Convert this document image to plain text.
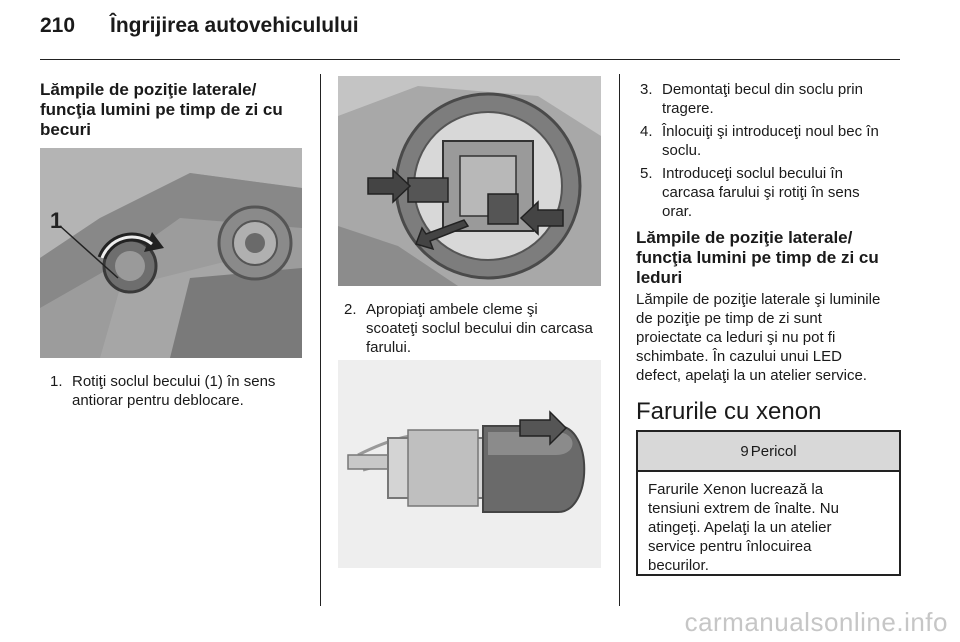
210	Îngrijirea autovehiculului
Lămpile de poziţie laterale/
funcţia lumini pe timp de zi cu
becuri
1
1. Rotiţi soclul becului (1) în sens
antiorar pentru deblocare.
2. Apropiaţi ambele cleme şi
scoateţi soclul becului din carcasa
farului.
3. Demontaţi becul din soclu prin
tragere.
4. Înlocuiţi şi introduceţi noul bec în
soclu.
5. Introduceţi soclul becului în
carcasa farului şi rotiţi în sens
orar.
Lămpile de poziţie laterale/
funcţia lumini pe timp de zi cu
leduri
Lămpile de poziţie laterale şi luminile
de poziţie pe timp de zi sunt
proiectate ca leduri şi nu pot fi
schimbate. În cazului unui LED
defect, apelaţi la un atelier service.
Farurile cu xenon
9 Pericol
Farurile Xenon lucrează la
tensiuni extrem de înalte. Nu
atingeţi. Apelaţi la un atelier
service pentru înlocuirea
becurilor.
carmanualsonline.info
